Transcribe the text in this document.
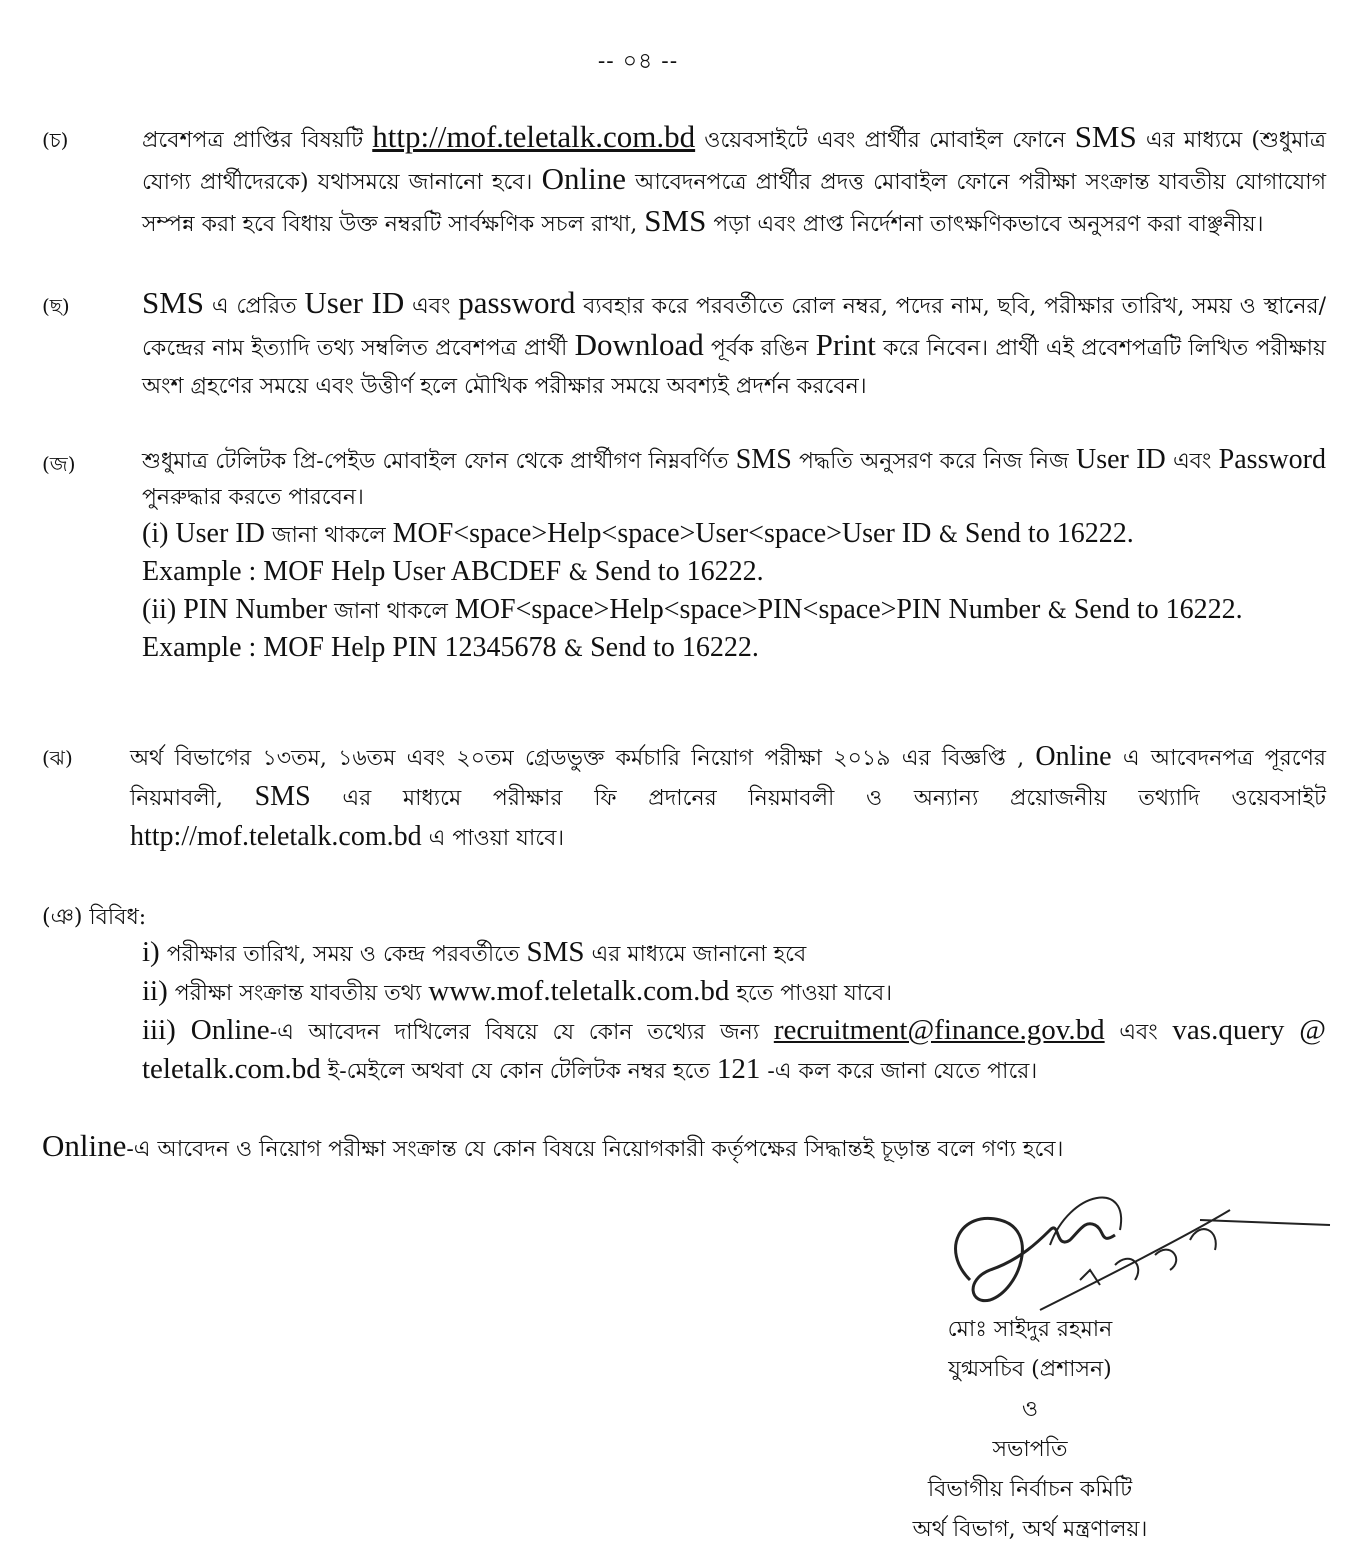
-- ০৪ --
(চ)	প্রবেশপত্র প্রাপ্তির বিষয়টি http://mof.teletalk.com.bd ওয়েবসাইটে এবং প্রার্থীর মোবাইল ফোনে SMS এর মাধ্যমে (শুধুমাত্র যোগ্য প্রার্থীদেরকে) যথাসময়ে জানানো হবে। Online আবেদনপত্রে প্রার্থীর প্রদত্ত মোবাইল ফোনে পরীক্ষা সংক্রান্ত যাবতীয় যোগাযোগ সম্পন্ন করা হবে বিধায় উক্ত নম্বরটি সার্বক্ষণিক সচল রাখা, SMS পড়া এবং প্রাপ্ত নির্দেশনা তাৎক্ষণিকভাবে অনুসরণ করা বাঞ্ছনীয়।

(ছ) SMS এ প্রেরিত User ID এবং password ব্যবহার করে পরবর্তীতে রোল নম্বর, পদের নাম, ছবি, পরীক্ষার তারিখ, সময় ও স্থানের/কেন্দ্রের নাম ইত্যাদি তথ্য সম্বলিত প্রবেশপত্র প্রার্থী Download পূর্বক রঙিন Print করে নিবেন। প্রার্থী এই প্রবেশপত্রটি লিখিত পরীক্ষায় অংশ গ্রহণের সময়ে এবং উত্তীর্ণ হলে মৌখিক পরীক্ষার সময়ে অবশ্যই প্রদর্শন করবেন।

(জ)	শুধুমাত্র টেলিটক প্রি-পেইড মোবাইল ফোন থেকে প্রার্থীগণ নিম্নবর্ণিত SMS পদ্ধতি অনুসরণ করে নিজ নিজ User ID এবং Password পুনরুদ্ধার করতে পারবেন।

(i) User ID জানা থাকলে MOF<space>Help<space>User<space>User ID & Send to 16222.

Example : MOF Help User ABCDEF & Send to 16222.

(ii) PIN Number জানা থাকলে MOF<space>Help<space>PIN<space>PIN Number & Send to 16222.

Example : MOF Help PIN 12345678 & Send to 16222.

(ঝ)	অর্থ বিভাগের ১৩তম, ১৬তম এবং ২০তম গ্রেডভুক্ত কর্মচারি নিয়োগ পরীক্ষা ২০১৯ এর বিজ্ঞপ্তি , Online এ আবেদনপত্র পূরণের নিয়মাবলী, SMS এর মাধ্যমে পরীক্ষার ফি প্রদানের নিয়মাবলী ও অন্যান্য প্রয়োজনীয় তথ্যাদি ওয়েবসাইট http://mof.teletalk.com.bd এ পাওয়া যাবে।

(ঞ) বিবিধ:

i) পরীক্ষার তারিখ, সময় ও কেন্দ্র পরবর্তীতে SMS এর মাধ্যমে জানানো হবে

ii) পরীক্ষা সংক্রান্ত যাবতীয় তথ্য www.mof.teletalk.com.bd হতে পাওয়া যাবে।

iii) Online-এ আবেদন দাখিলের বিষয়ে যে কোন তথ্যের জন্য recruitment@finance.gov.bd এবং vas.query @ teletalk.com.bd ই-মেইলে অথবা যে কোন টেলিটক নম্বর হতে 121 -এ কল করে জানা যেতে পারে।

Online-এ আবেদন ও নিয়োগ পরীক্ষা সংক্রান্ত যে কোন বিষয়ে নিয়োগকারী কর্তৃপক্ষের সিদ্ধান্তই চূড়ান্ত বলে গণ্য হবে।
মোঃ সাইদুর রহমান
যুগ্মসচিব (প্রশাসন)
ও
সভাপতি
বিভাগীয় নির্বাচন কমিটি
অর্থ বিভাগ, অর্থ মন্ত্রণালয়।
